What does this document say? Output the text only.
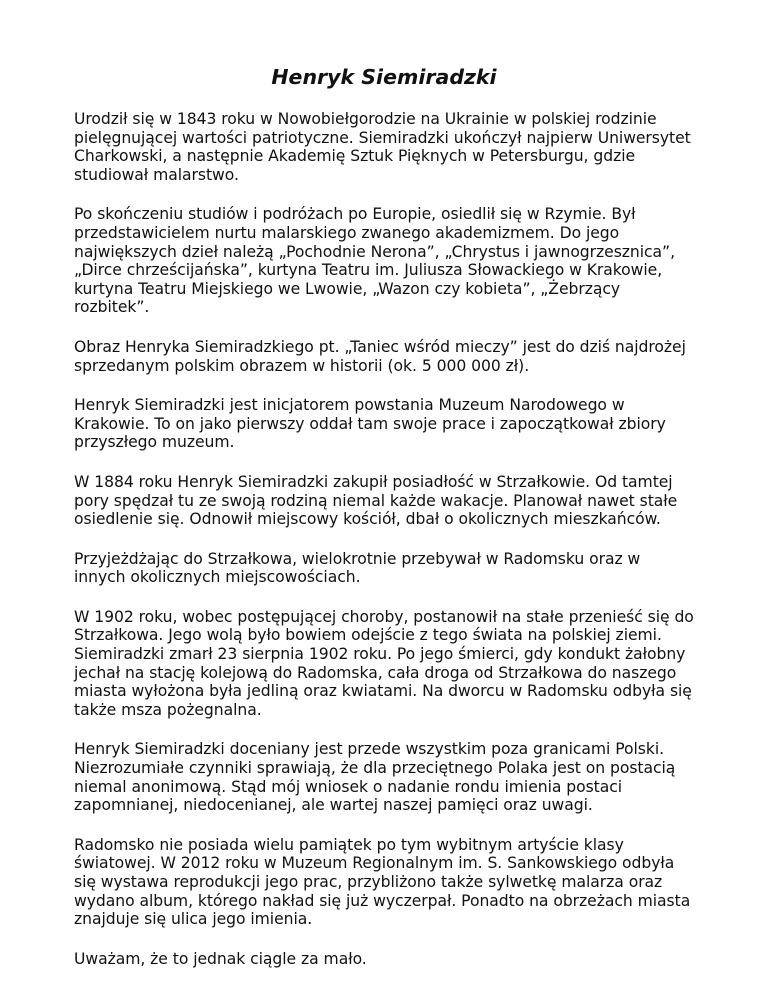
Henryk Siemiradzki

Urodził się w 1843 roku w Nowobiełgorodzie na Ukrainie w polskiej rodzinie pielęgnującej wartości patriotyczne. Siemiradzki ukończył najpierw Uniwersytet Charkowski, a następnie Akademię Sztuk Pięknych w Petersburgu, gdzie studiował malarstwo.

Po skończeniu studiów i podróżach po Europie, osiedlił się w Rzymie. Był przedstawicielem nurtu malarskiego zwanego akademizmem. Do jego największych dzieł należą „Pochodnie Nerona”, „Chrystus i jawnogrzesznica”, „Dirce chrześcijańska”, kurtyna Teatru im. Juliusza Słowackiego w Krakowie, kurtyna Teatru Miejskiego we Lwowie, „Wazon czy kobieta”, „Żebrzący rozbitek”.

Obraz Henryka Siemiradzkiego pt. „Taniec wśród mieczy” jest do dziś najdrożej sprzedanym polskim obrazem w historii (ok. 5 000 000 zł).

Henryk Siemiradzki jest inicjatorem powstania Muzeum Narodowego w Krakowie. To on jako pierwszy oddał tam swoje prace i zapoczątkował zbiory przyszłego muzeum.

W 1884 roku Henryk Siemiradzki zakupił posiadłość w Strzałkowie. Od tamtej pory spędzał tu ze swoją rodziną niemal każde wakacje. Planował nawet stałe osiedlenie się. Odnowił miejscowy kościół, dbał o okolicznych mieszkańców.

Przyjeżdżając do Strzałkowa, wielokrotnie przebywał w Radomsku oraz w innych okolicznych miejscowościach.

W 1902 roku, wobec postępującej choroby, postanowił na stałe przenieść się do Strzałkowa. Jego wolą było bowiem odejście z tego świata na polskiej ziemi. Siemiradzki zmarł 23 sierpnia 1902 roku. Po jego śmierci, gdy kondukt żałobny jechał na stację kolejową do Radomska, cała droga od Strzałkowa do naszego miasta wyłożona była jedliną oraz kwiatami. Na dworcu w Radomsku odbyła się także msza pożegnalna.

Henryk Siemiradzki doceniany jest przede wszystkim poza granicami Polski. Niezrozumiałe czynniki sprawiają, że dla przeciętnego Polaka jest on postacią niemal anonimową. Stąd mój wniosek o nadanie rondu imienia postaci zapomnianej, niedocenianej, ale wartej naszej pamięci oraz uwagi.

Radomsko nie posiada wielu pamiątek po tym wybitnym artyście klasy światowej. W 2012 roku w Muzeum Regionalnym im. S. Sankowskiego odbyła się wystawa reprodukcji jego prac, przybliżono także sylwetkę malarza oraz wydano album, którego nakład się już wyczerpał. Ponadto na obrzeżach miasta znajduje się ulica jego imienia.

Uważam, że to jednak ciągle za mało.
